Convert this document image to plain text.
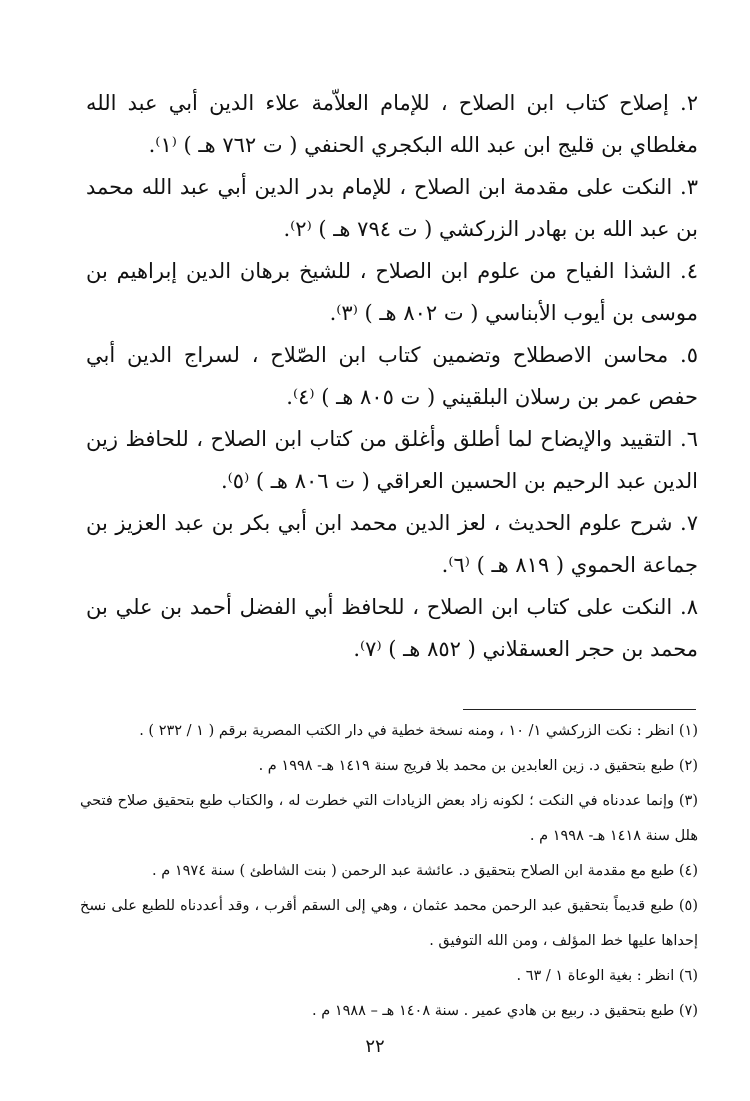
٢. إصلاح كتاب ابن الصلاح ، للإمام العلاّمة علاء الدين أبي عبد الله مغلطاي بن قليج ابن عبد الله البكجري الحنفي ( ت ٧٦٢ هـ ) ⁽١⁾.
٣. النكت على مقدمة ابن الصلاح ، للإمام بدر الدين أبي عبد الله محمد بن عبد الله بن بهادر الزركشي ( ت ٧٩٤ هـ ) ⁽٢⁾.
٤. الشذا الفياح من علوم ابن الصلاح ، للشيخ برهان الدين إبراهيم بن موسى بن أيوب الأبناسي ( ت ٨٠٢ هـ ) ⁽٣⁾.
٥. محاسن الاصطلاح وتضمين كتاب ابن الصّلاح ، لسراج الدين أبي حفص عمر بن رسلان البلقيني ( ت ٨٠٥ هـ ) ⁽٤⁾.
٦. التقييد والإيضاح لما أطلق وأغلق من كتاب ابن الصلاح ، للحافظ زين الدين عبد الرحيم بن الحسين العراقي ( ت ٨٠٦ هـ ) ⁽٥⁾.
٧. شرح علوم الحديث ، لعز الدين محمد ابن أبي بكر بن عبد العزيز بن جماعة الحموي ( ٨١٩ هـ ) ⁽٦⁾.
٨. النكت على كتاب ابن الصلاح ، للحافظ أبي الفضل أحمد بن علي بن محمد بن حجر العسقلاني ( ٨٥٢ هـ ) ⁽٧⁾.
(١) انظر : نكت الزركشي ١/ ١٠ ، ومنه نسخة خطية في دار الكتب المصرية برقم ( ١ / ٢٣٢ ) .
(٢) طبع بتحقيق د. زين العابدين بن محمد بلا فريج سنة ١٤١٩ هـ- ١٩٩٨ م .
(٣) وإنما عددناه في النكت ؛ لكونه زاد بعض الزيادات التي خطرت له ، والكتاب طبع بتحقيق صلاح فتحي هلل سنة ١٤١٨ هـ- ١٩٩٨ م .
(٤) طبع مع مقدمة ابن الصلاح بتحقيق د. عائشة عبد الرحمن ( بنت الشاطئ ) سنة ١٩٧٤ م .
(٥) طبع قديماً بتحقيق عبد الرحمن محمد عثمان ، وهي إلى السقم أقرب ، وقد أعددناه للطبع على نسخ إحداها عليها خط المؤلف ، ومن الله التوفيق .
(٦) انظر : بغية الوعاة ١ / ٦٣ .
(٧) طبع بتحقيق د. ربيع بن هادي عمير . سنة ١٤٠٨ هـ – ١٩٨٨ م .
٢٢
